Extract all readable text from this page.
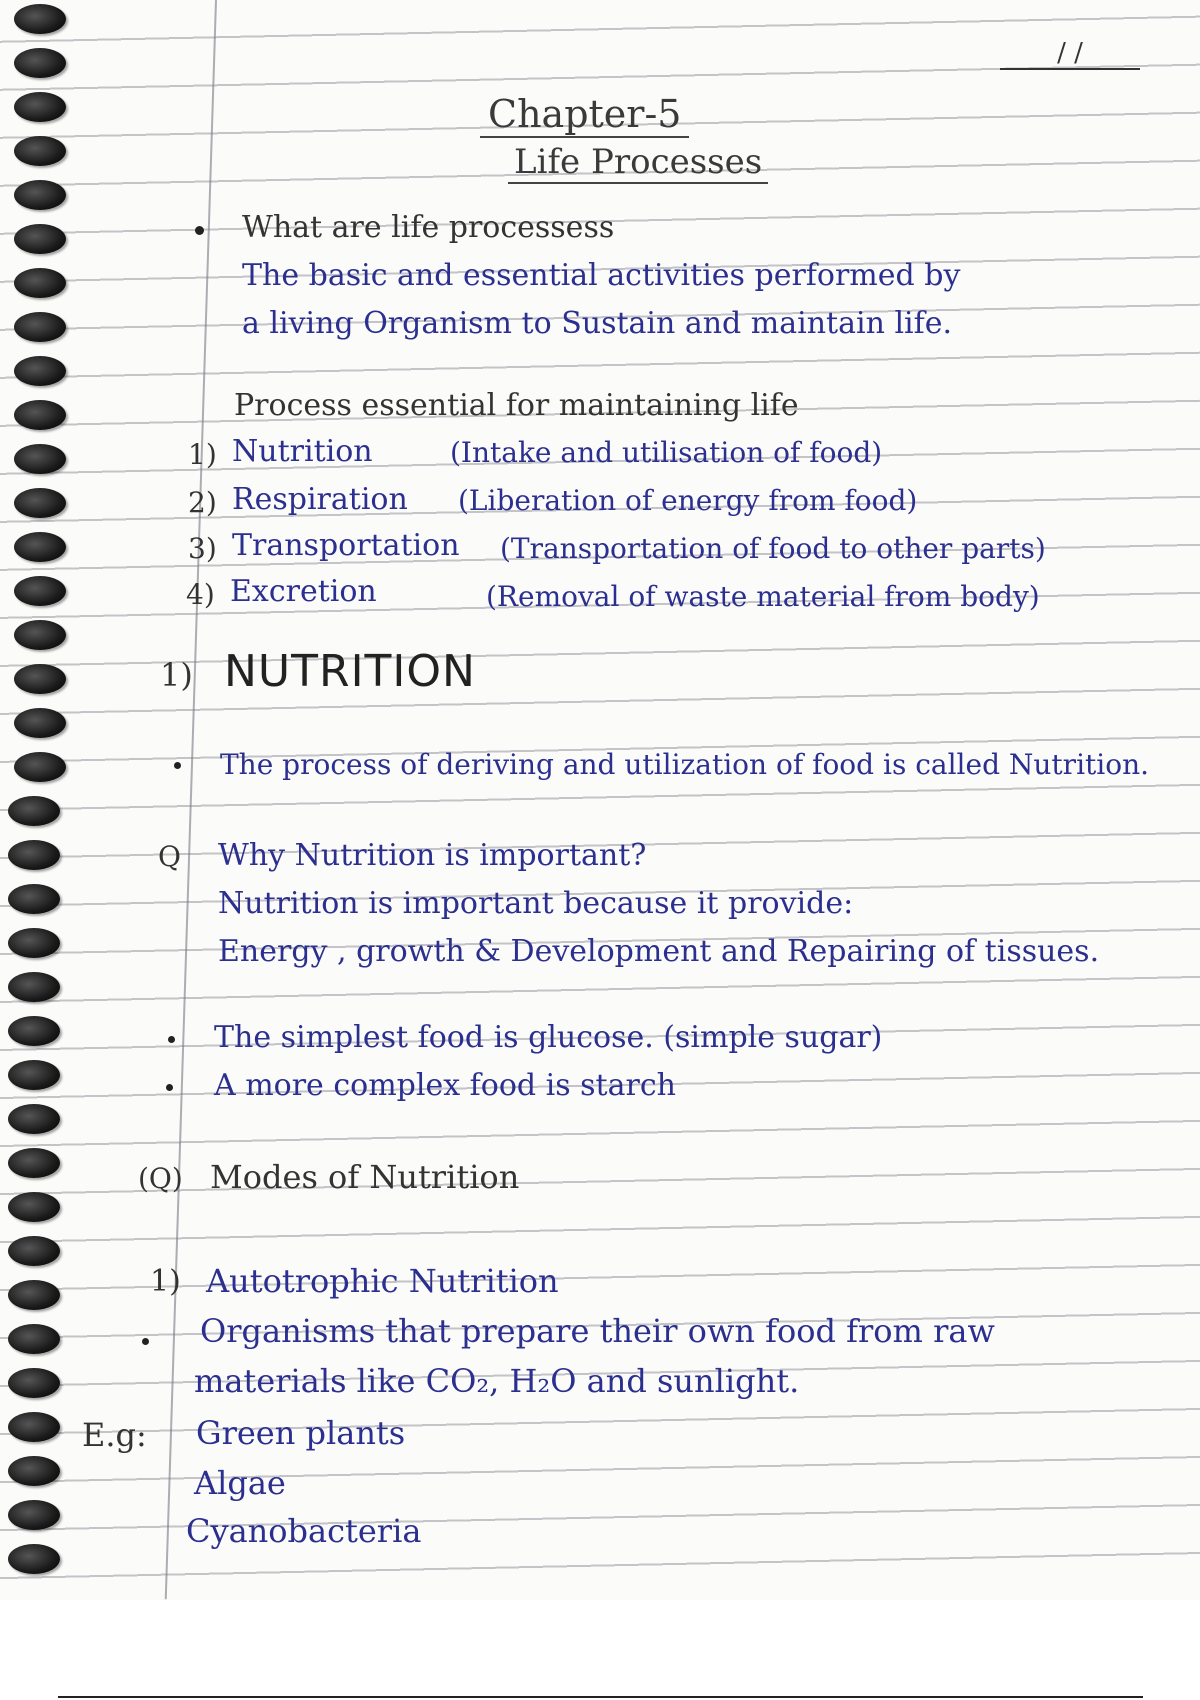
/ /
Chapter-5
Life Processes
What are life processess
The basic and essential activities performed by
a living Organism to Sustain and maintain life.
Process essential for maintaining life
1) Nutrition	(Intake and utilisation of food)
2) Respiration (Liberation of energy from food)
3) Transportation (Transportation of food to other parts)
4) Excretion	(Removal of waste material from body)
1) NUTRITION
The process of deriving and utilization of food is called Nutrition.
Q Why Nutrition is important?
Nutrition is important because it provide:
Energy , growth & Development and Repairing of tissues.
The simplest food is glucose. (simple sugar)
A more complex food is starch
(Q) Modes of Nutrition
1) Autotrophic Nutrition
Organisms that prepare their own food from raw
materials like CO₂, H₂O and sunlight.
E.g: Green plants
Algae
Cyanobacteria
